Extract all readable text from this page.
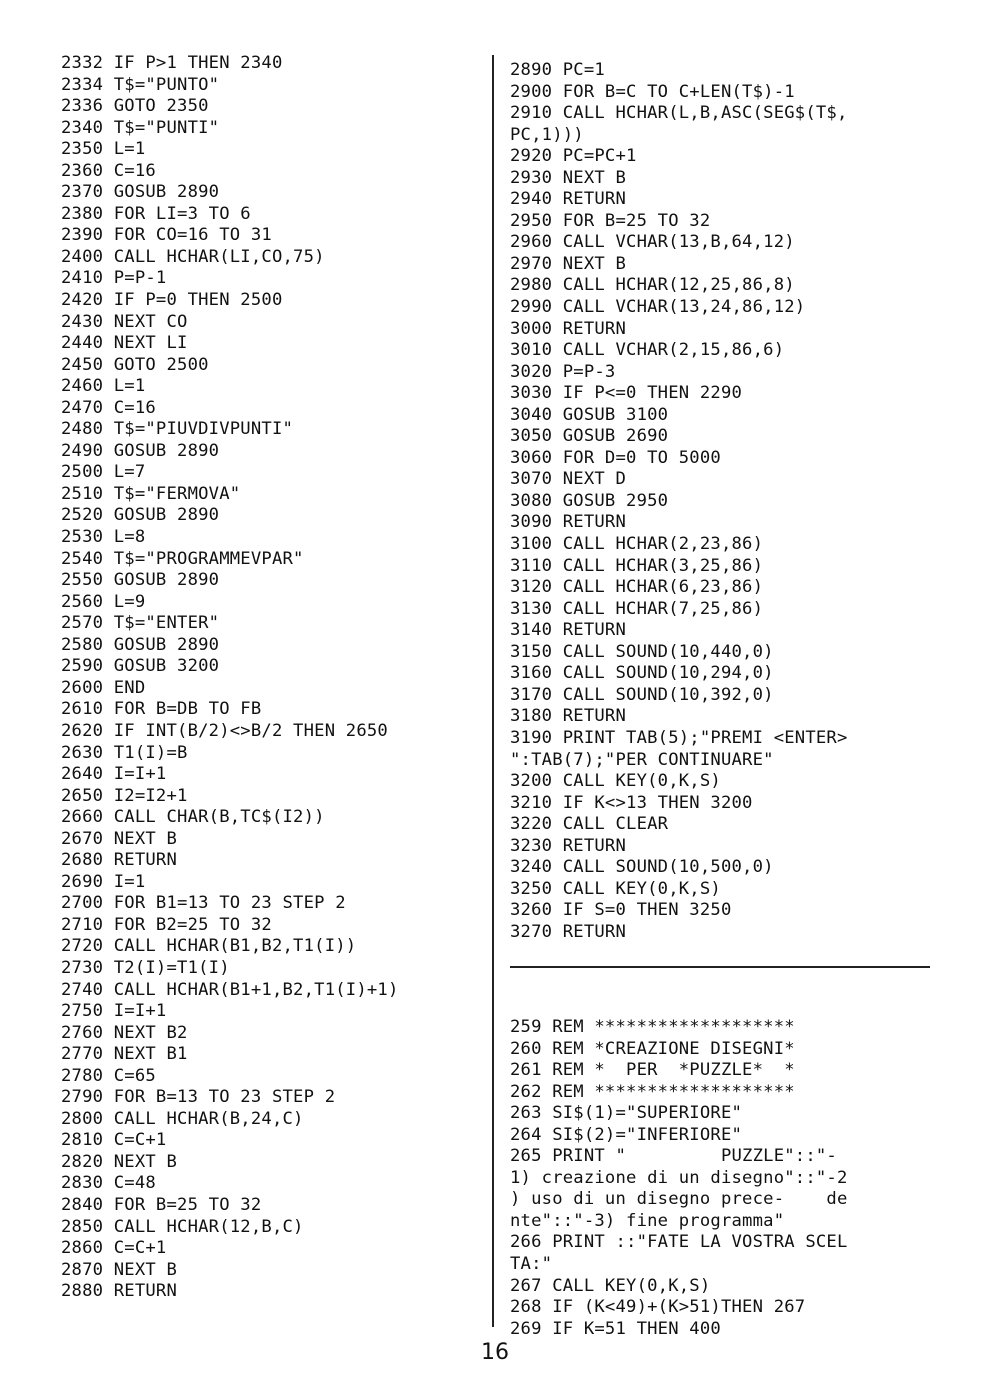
2332 IF P>1 THEN 2340
2334 T$="PUNTO"
2336 GOTO 2350
2340 T$="PUNTI"
2350 L=1
2360 C=16
2370 GOSUB 2890
2380 FOR LI=3 TO 6
2390 FOR CO=16 TO 31
2400 CALL HCHAR(LI,CO,75)
2410 P=P-1
2420 IF P=0 THEN 2500
2430 NEXT CO
2440 NEXT LI
2450 GOTO 2500
2460 L=1
2470 C=16
2480 T$="PIUVDIVPUNTI"
2490 GOSUB 2890
2500 L=7
2510 T$="FERMOVA"
2520 GOSUB 2890
2530 L=8
2540 T$="PROGRAMMEVPAR"
2550 GOSUB 2890
2560 L=9
2570 T$="ENTER"
2580 GOSUB 2890
2590 GOSUB 3200
2600 END
2610 FOR B=DB TO FB
2620 IF INT(B/2)<>B/2 THEN 2650
2630 T1(I)=B
2640 I=I+1
2650 I2=I2+1
2660 CALL CHAR(B,TC$(I2))
2670 NEXT B
2680 RETURN
2690 I=1
2700 FOR B1=13 TO 23 STEP 2
2710 FOR B2=25 TO 32
2720 CALL HCHAR(B1,B2,T1(I))
2730 T2(I)=T1(I)
2740 CALL HCHAR(B1+1,B2,T1(I)+1)
2750 I=I+1
2760 NEXT B2
2770 NEXT B1
2780 C=65
2790 FOR B=13 TO 23 STEP 2
2800 CALL HCHAR(B,24,C)
2810 C=C+1
2820 NEXT B
2830 C=48
2840 FOR B=25 TO 32
2850 CALL HCHAR(12,B,C)
2860 C=C+1
2870 NEXT B
2880 RETURN
2890 PC=1
2900 FOR B=C TO C+LEN(T$)-1
2910 CALL HCHAR(L,B,ASC(SEG$(T$,
PC,1)))
2920 PC=PC+1
2930 NEXT B
2940 RETURN
2950 FOR B=25 TO 32
2960 CALL VCHAR(13,B,64,12)
2970 NEXT B
2980 CALL HCHAR(12,25,86,8)
2990 CALL VCHAR(13,24,86,12)
3000 RETURN
3010 CALL VCHAR(2,15,86,6)
3020 P=P-3
3030 IF P<=0 THEN 2290
3040 GOSUB 3100
3050 GOSUB 2690
3060 FOR D=0 TO 5000
3070 NEXT D
3080 GOSUB 2950
3090 RETURN
3100 CALL HCHAR(2,23,86)
3110 CALL HCHAR(3,25,86)
3120 CALL HCHAR(6,23,86)
3130 CALL HCHAR(7,25,86)
3140 RETURN
3150 CALL SOUND(10,440,0)
3160 CALL SOUND(10,294,0)
3170 CALL SOUND(10,392,0)
3180 RETURN
3190 PRINT TAB(5);"PREMI <ENTER>
":TAB(7);"PER CONTINUARE"
3200 CALL KEY(0,K,S)
3210 IF K<>13 THEN 3200
3220 CALL CLEAR
3230 RETURN
3240 CALL SOUND(10,500,0)
3250 CALL KEY(0,K,S)
3260 IF S=0 THEN 3250
3270 RETURN
259 REM *******************
260 REM *CREAZIONE DISEGNI*
261 REM *  PER  *PUZZLE*  *
262 REM *******************
263 SI$(1)="SUPERIORE"
264 SI$(2)="INFERIORE"
265 PRINT "         PUZZLE"::"-
1) creazione di un disegno"::"-2
) uso di un disegno prece-    de
nte"::"-3) fine programma"
266 PRINT ::"FATE LA VOSTRA SCEL
TA:"
267 CALL KEY(0,K,S)
268 IF (K<49)+(K>51)THEN 267
269 IF K=51 THEN 400
16
